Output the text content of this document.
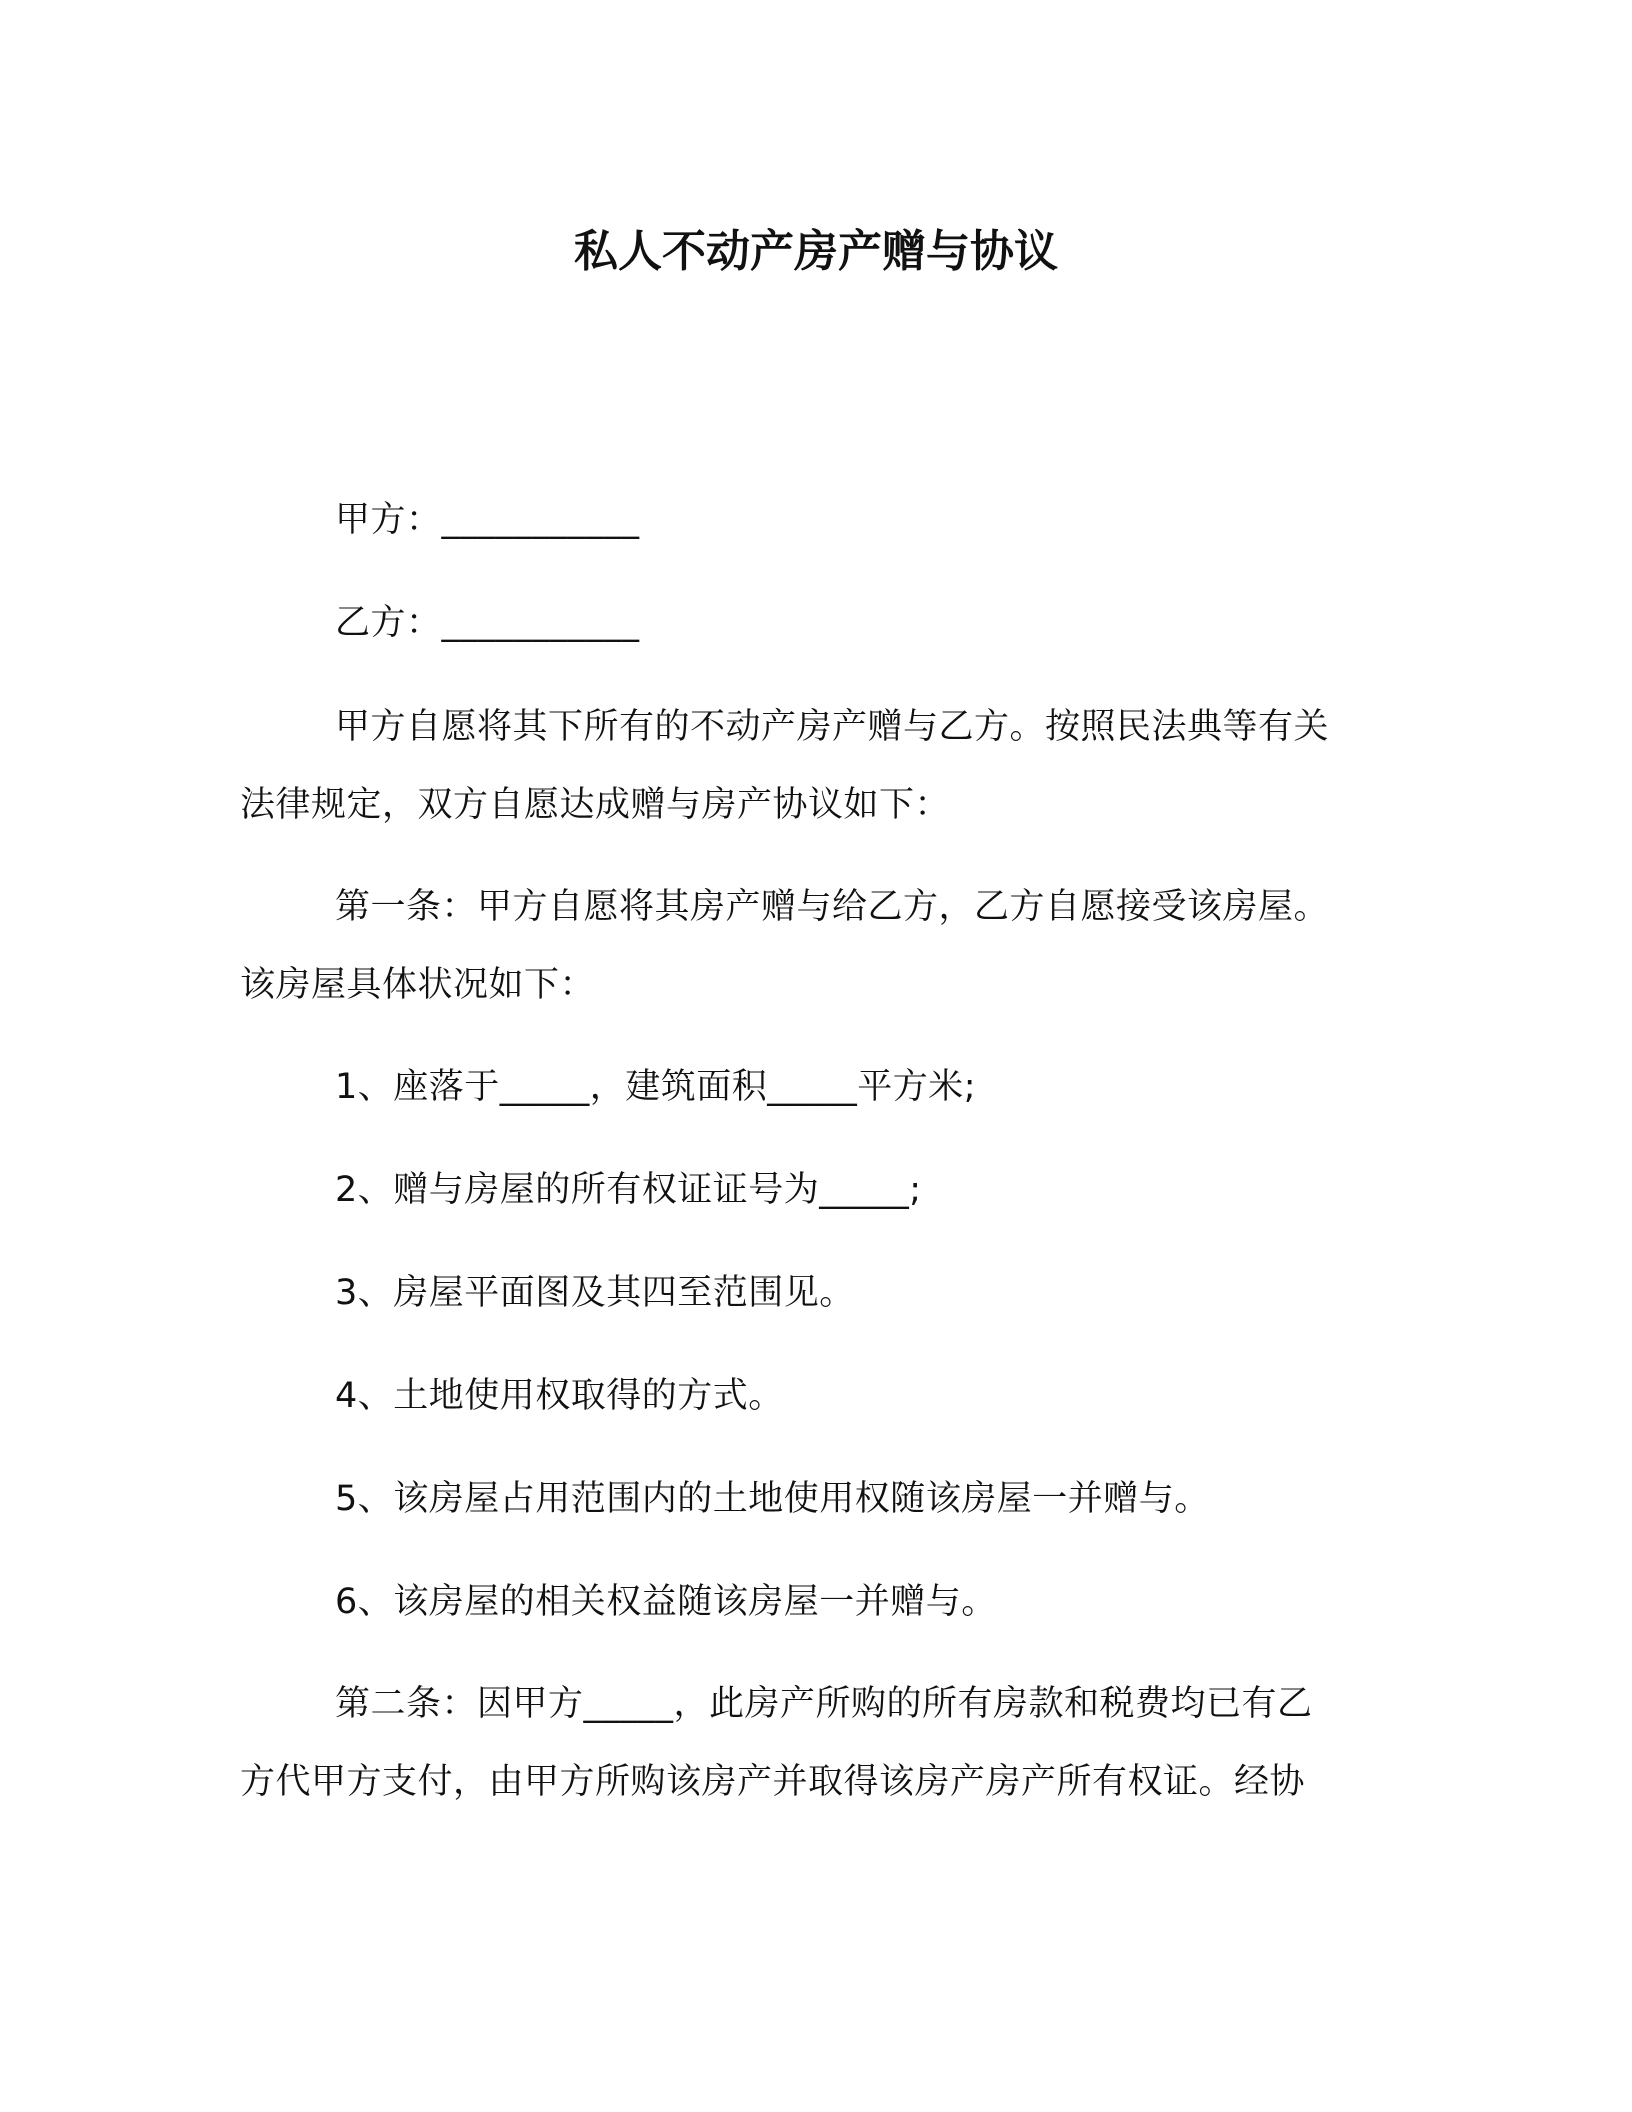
私人不动产房产赠与协议
甲方：___________
乙方：___________
甲方自愿将其下所有的不动产房产赠与乙方。按照民法典等有关
法律规定，双方自愿达成赠与房产协议如下：
第一条：甲方自愿将其房产赠与给乙方，乙方自愿接受该房屋。
该房屋具体状况如下：
1、座落于_____，建筑面积_____平方米;
2、赠与房屋的所有权证证号为_____;
3、房屋平面图及其四至范围见。
4、土地使用权取得的方式。
5、该房屋占用范围内的土地使用权随该房屋一并赠与。
6、该房屋的相关权益随该房屋一并赠与。
第二条：因甲方_____，此房产所购的所有房款和税费均已有乙
方代甲方支付，由甲方所购该房产并取得该房产房产所有权证。经协
